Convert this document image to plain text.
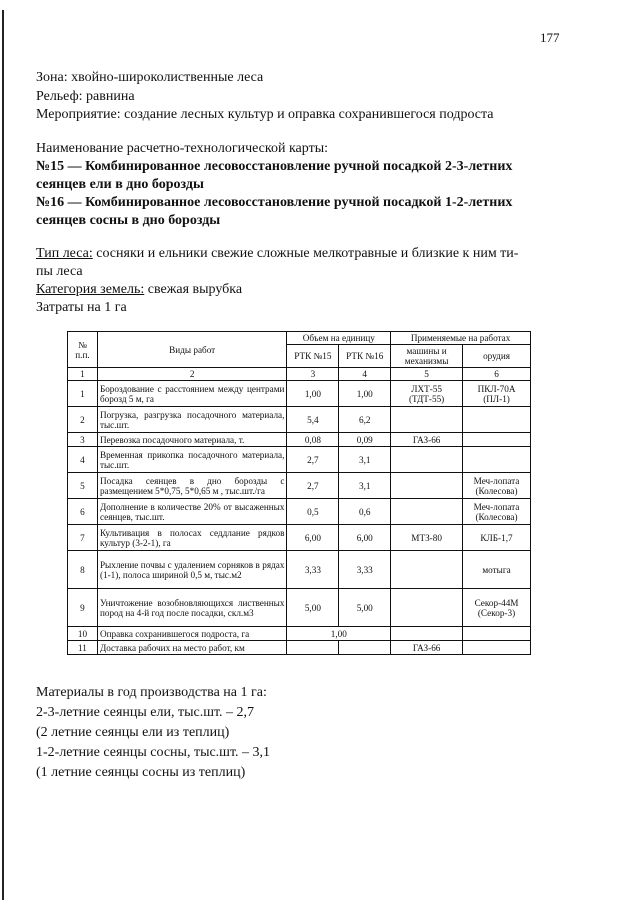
177
Зона: хвойно-широколиственные леса
Рельеф: равнина
Мероприятие: создание лесных культур и оправка сохранившегося подроста
Наименование расчетно-технологической карты:
№15 — Комбинированное лесовосстановление ручной посадкой 2-3-летних
сеянцев ели в дно борозды
№16 — Комбинированное лесовосстановление ручной посадкой 1-2-летних
сеянцев сосны в дно борозды
Тип леса: сосняки и ельники свежие сложные мелкотравные и близкие к ним ти-
пы леса
Категория земель: свежая вырубка
Затраты на 1 га
№ п.п.	Виды работ	Объем на единицу		Применяемые на работах	
		РТК №15	РТК №16	машины и механизмы	орудия
1	2	3	4	5	6
1	Бороздование с расстоянием между центрами борозд 5 м, га	1,00	1,00	ЛХТ-55 (ТДТ-55)	ПКЛ-70А (ПЛ-1)
2	Погрузка, разгрузка посадочного материала, тыс.шт.	5,4	6,2		
3	Перевозка посадочного материала, т.	0,08	0,09	ГАЗ-66	
4	Временная прикопка посадочного материала, тыс.шт.	2,7	3,1		
5	Посадка сеянцев в дно борозды с размещением 5*0,75, 5*0,65 м , тыс.шт./га	2,7	3,1		Меч-лопата (Колесова)
6	Дополнение в количестве 20% от высаженных сеянцев, тыс.шт.	0,5	0,6		Меч-лопата (Колесова)
7	Культивация в полосах седдлание рядков культур (3-2-1), га	6,00	6,00	МТЗ-80	КЛБ-1,7
8	Рыхление почвы с удалением сорняков в рядах (1-1), полоса шириной 0,5 м, тыс.м2	3,33	3,33		мотыга
9	Уничтожение возобновляющихся лиственных пород на 4-й год после посадки, скл.м3	5,00	5,00		Секор-44М (Секор-3)
10	Оправка сохранившегося подроста, га	1,00			
11	Доставка рабочих на место работ, км			ГАЗ-66	
Материалы в год производства на 1 га:
2-3-летние сеянцы ели, тыс.шт. – 2,7
(2 летние сеянцы ели из теплиц)
1-2-летние сеянцы сосны, тыс.шт. – 3,1
(1 летние сеянцы сосны из теплиц)
